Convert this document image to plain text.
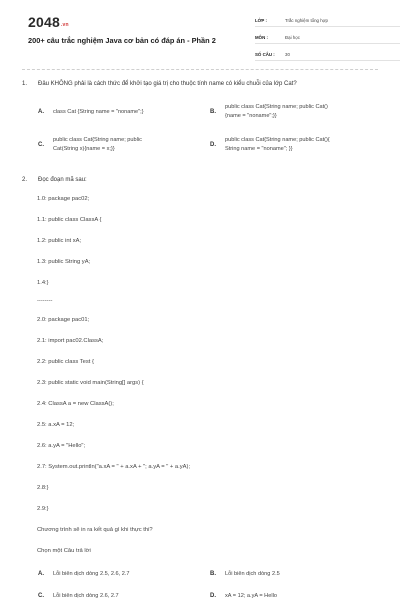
2048.vn
200+ câu trắc nghiệm Java cơ bản có đáp án - Phần 2
LỚP :	Trắc nghiệm tổng hợp
MÔN :	Đại học
SỐ CÂU :	30
1. Đâu KHÔNG phải là cách thức để khởi tạo giá trị cho thuộc tính name có kiểu chuỗi của lớp Cat?
A. class Cat {String name = "noname";}	B.
public class Cat{String name; public Cat()
{name = "noname";}}
C.
public class Cat{String name; public
Cat(String x){name = x;}}
D.
public class Cat{String name; public Cat(){
String name = "noname"; }}
2. Đọc đoạn mã sau:
1.0: package pac02;
1.1: public class ClassA {
1.2: public int xA;
1.3: public String yA;
1.4:}
--------
2.0: package pac01;
2.1: import pac02.ClassA;
2.2: public class Test {
2.3: public static void main(String[] args) {
2.4: ClassA a = new ClassA();
2.5: a.xA = 12;
2.6: a.yA = "Hello";
2.7: System.out.println("a.xA = " + a.xA + "; a.yA = " + a.yA);
2.8:}
2.9:}
Chương trình sẽ in ra kết quả gì khi thực thi?
Chọn một Câu trả lời
A. Lỗi biên dịch dòng 2.5, 2.6, 2.7	B. Lỗi biên dịch dòng 2.5
C. Lỗi biên dịch dòng 2.6, 2.7	D. xA = 12; a.yA = Hello
